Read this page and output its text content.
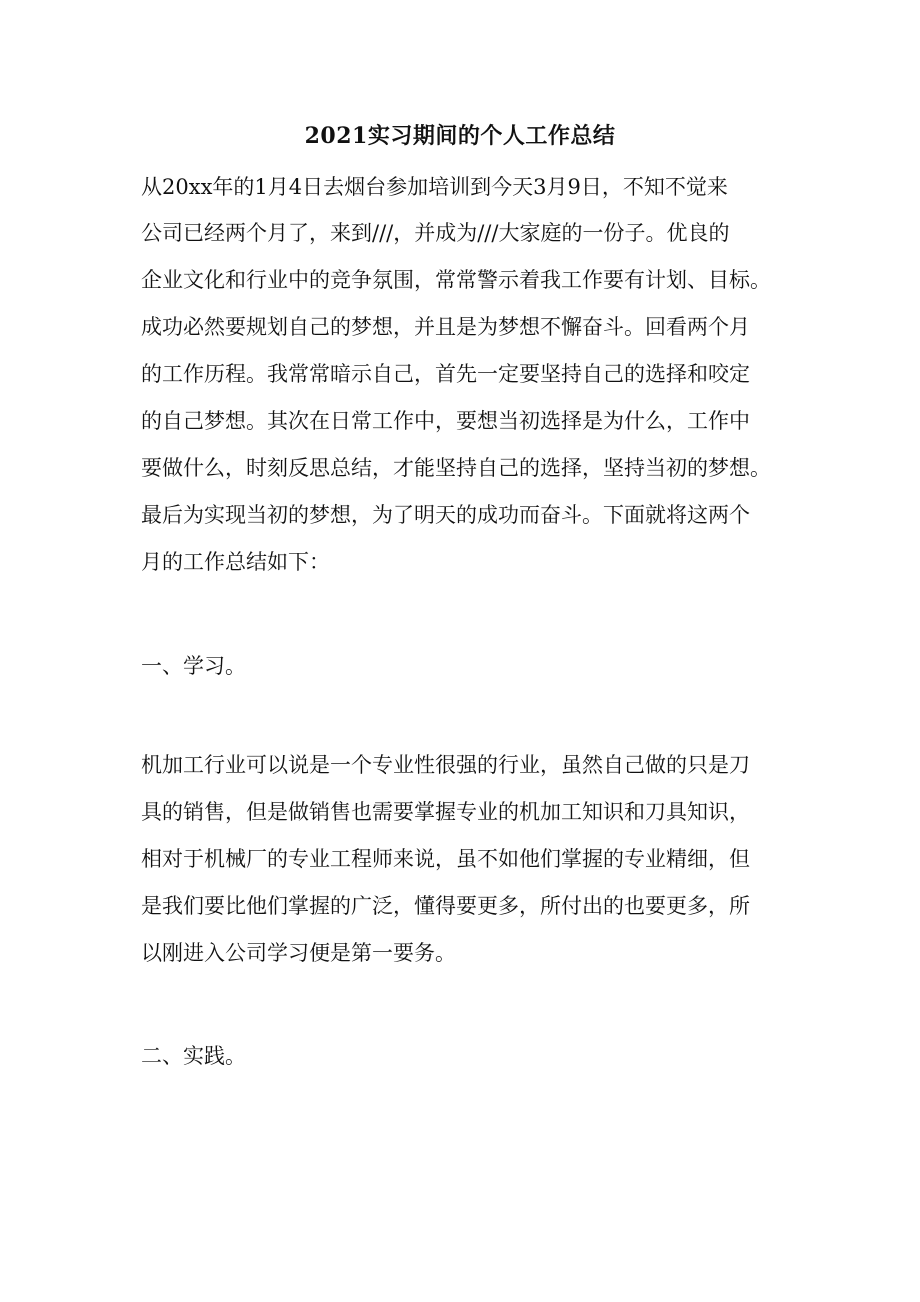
2021实习期间的个人工作总结
从20xx年的1月4日去烟台参加培训到今天3月9日，不知不觉来
公司已经两个月了，来到///，并成为///大家庭的一份子。优良的
企业文化和行业中的竞争氛围，常常警示着我工作要有计划、目标。
成功必然要规划自己的梦想，并且是为梦想不懈奋斗。回看两个月
的工作历程。我常常暗示自己，首先一定要坚持自己的选择和咬定
的自己梦想。其次在日常工作中，要想当初选择是为什么，工作中
要做什么，时刻反思总结，才能坚持自己的选择，坚持当初的梦想。
最后为实现当初的梦想，为了明天的成功而奋斗。下面就将这两个
月的工作总结如下：
一、学习。
机加工行业可以说是一个专业性很强的行业，虽然自己做的只是刀
具的销售，但是做销售也需要掌握专业的机加工知识和刀具知识，
相对于机械厂的专业工程师来说，虽不如他们掌握的专业精细，但
是我们要比他们掌握的广泛，懂得要更多，所付出的也要更多，所
以刚进入公司学习便是第一要务。
二、实践。
